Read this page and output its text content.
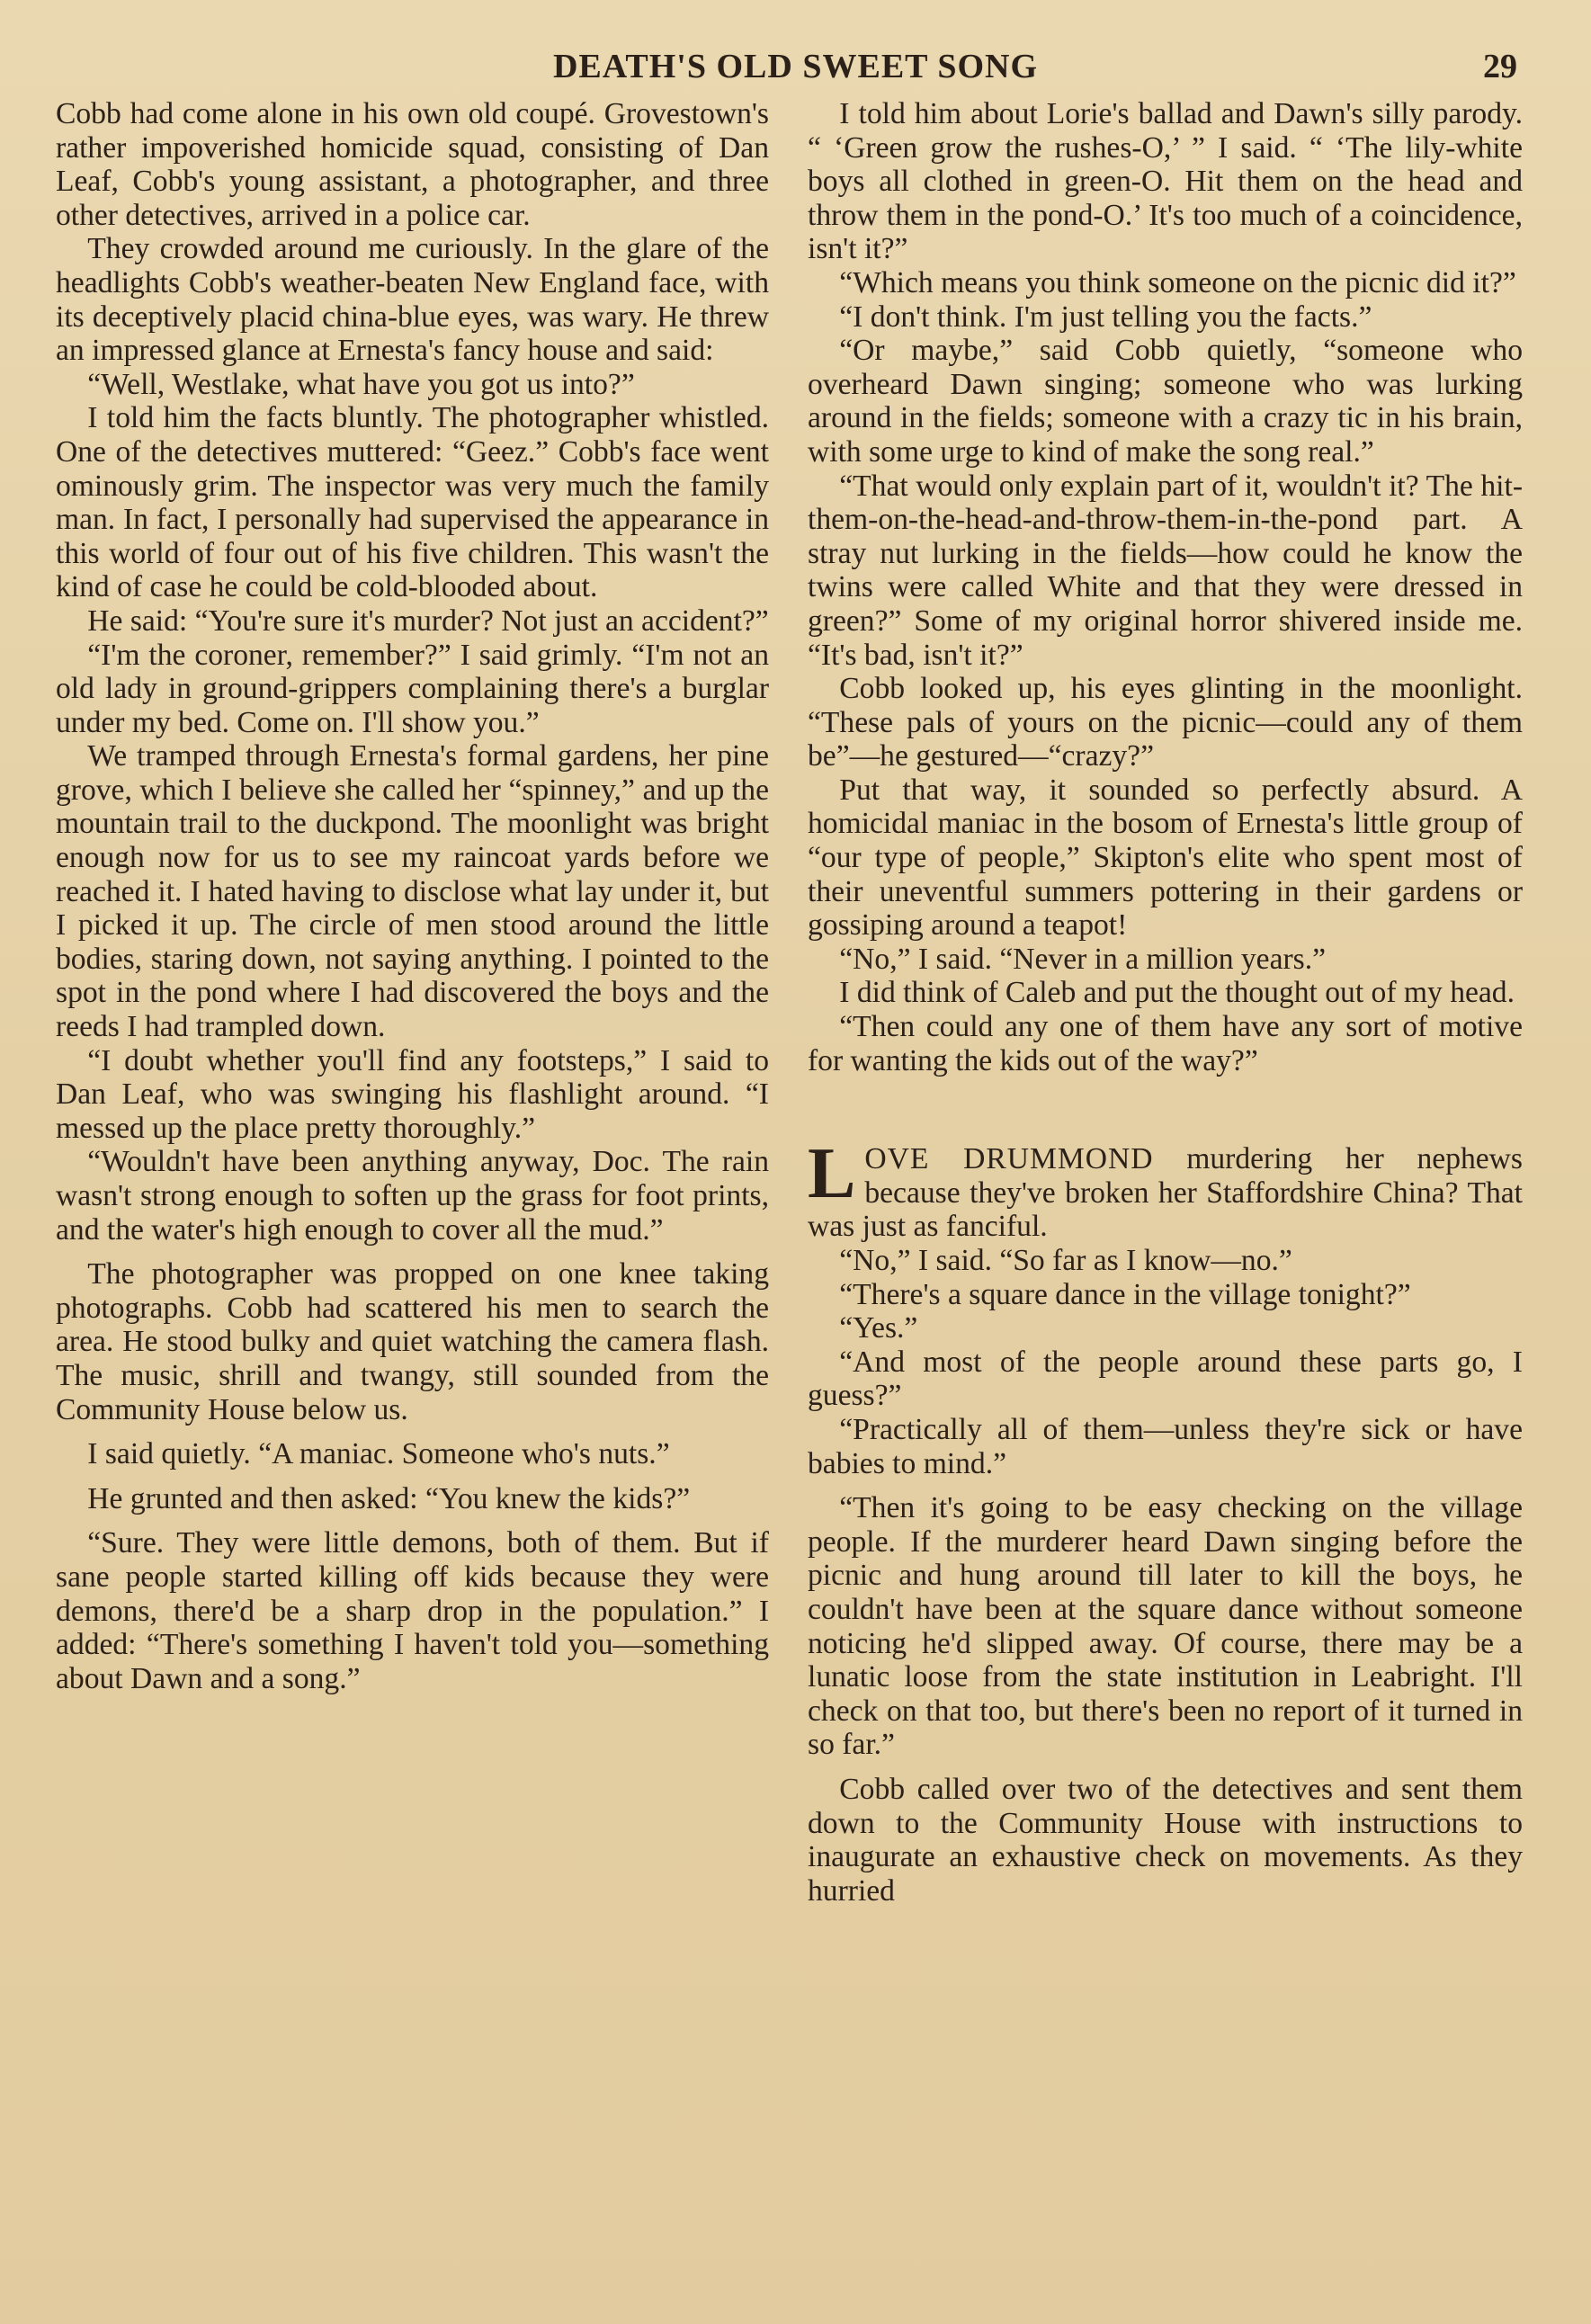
DEATH'S OLD SWEET SONG	29

Cobb had come alone in his own old coupé. Grovestown's rather impoverished homicide squad, consisting of Dan Leaf, Cobb's young assistant, a photographer, and three other detectives, arrived in a police car.

They crowded around me curiously. In the glare of the headlights Cobb's weather-beaten New England face, with its deceptively placid china-blue eyes, was wary. He threw an impressed glance at Ernesta's fancy house and said:

“Well, Westlake, what have you got us into?”

I told him the facts bluntly. The photographer whistled. One of the detectives muttered: “Geez.” Cobb's face went ominously grim. The inspector was very much the family man. In fact, I personally had supervised the appearance in this world of four out of his five children. This wasn't the kind of case he could be cold-blooded about.

He said: “You're sure it's murder? Not just an accident?”

“I'm the coroner, remember?” I said grimly. “I'm not an old lady in ground-grippers complaining there's a burglar under my bed. Come on. I'll show you.”

We tramped through Ernesta's formal gardens, her pine grove, which I believe she called her “spinney,” and up the mountain trail to the duckpond. The moonlight was bright enough now for us to see my raincoat yards before we reached it. I hated having to disclose what lay under it, but I picked it up. The circle of men stood around the little bodies, staring down, not saying anything. I pointed to the spot in the pond where I had discovered the boys and the reeds I had trampled down.

“I doubt whether you'll find any footsteps,” I said to Dan Leaf, who was swinging his flashlight around. “I messed up the place pretty thoroughly.”

“Wouldn't have been anything anyway, Doc. The rain wasn't strong enough to soften up the grass for foot prints, and the water's high enough to cover all the mud.”

The photographer was propped on one knee taking photographs. Cobb had scattered his men to search the area. He stood bulky and quiet watching the camera flash. The music, shrill and twangy, still sounded from the Community House below us.

I said quietly. “A maniac. Someone who's nuts.”

He grunted and then asked: “You knew the kids?”

“Sure. They were little demons, both of them. But if sane people started killing off kids because they were demons, there'd be a sharp drop in the population.” I added: “There's something I haven't told you—something about Dawn and a song.”

I told him about Lorie's ballad and Dawn's silly parody. “ ‘Green grow the rushes-O,’ ” I said. “ ‘The lily-white boys all clothed in green-O. Hit them on the head and throw them in the pond-O.’ It's too much of a coincidence, isn't it?”

“Which means you think someone on the picnic did it?”

“I don't think. I'm just telling you the facts.”

“Or maybe,” said Cobb quietly, “someone who overheard Dawn singing; someone who was lurking around in the fields; someone with a crazy tic in his brain, with some urge to kind of make the song real.”

“That would only explain part of it, wouldn't it? The hit-them-on-the-head-and-throw-them-in-the-pond part. A stray nut lurking in the fields—how could he know the twins were called White and that they were dressed in green?” Some of my original horror shivered inside me. “It's bad, isn't it?”

Cobb looked up, his eyes glinting in the moonlight. “These pals of yours on the picnic—could any of them be”—he gestured—“crazy?”

Put that way, it sounded so perfectly absurd. A homicidal maniac in the bosom of Ernesta's little group of “our type of people,” Skipton's elite who spent most of their uneventful summers pottering in their gardens or gossiping around a teapot!

“No,” I said. “Never in a million years.”

I did think of Caleb and put the thought out of my head.

“Then could any one of them have any sort of motive for wanting the kids out of the way?”

LOVE DRUMMOND murdering her nephews because they've broken her Staffordshire China? That was just as fanciful.

“No,” I said. “So far as I know—no.”

“There's a square dance in the village tonight?”

“Yes.”

“And most of the people around these parts go, I guess?”

“Practically all of them—unless they're sick or have babies to mind.”

“Then it's going to be easy checking on the village people. If the murderer heard Dawn singing before the picnic and hung around till later to kill the boys, he couldn't have been at the square dance without someone noticing he'd slipped away. Of course, there may be a lunatic loose from the state institution in Leabright. I'll check on that too, but there's been no report of it turned in so far.”

Cobb called over two of the detectives and sent them down to the Community House with instructions to inaugurate an exhaustive check on movements. As they hurried
